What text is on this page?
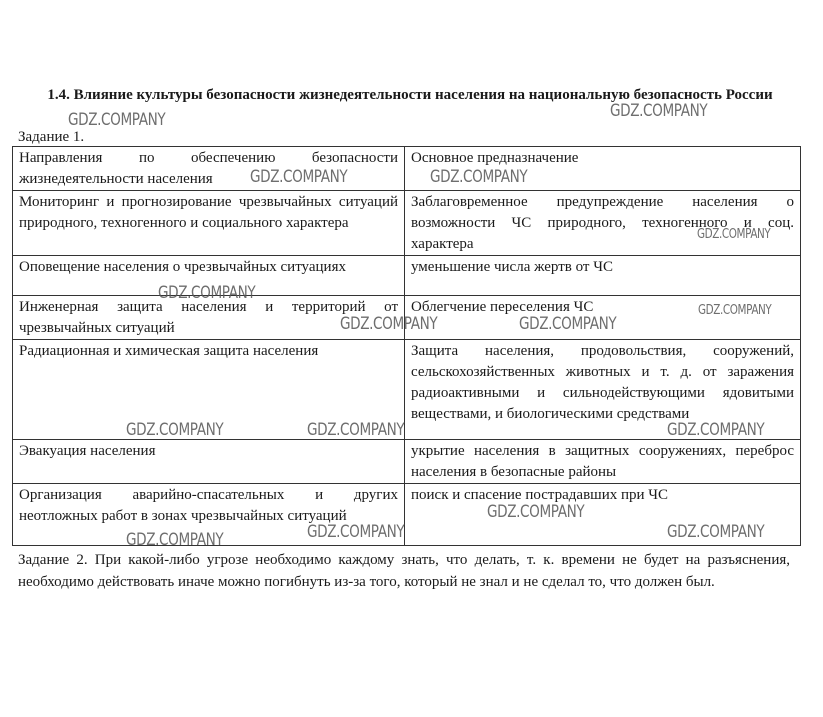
1.4. Влияние культуры безопасности жизнедеятельности населения на национальную безопасность России
Задание 1.
Направления по обеспечению безопасности жизнедеятельности населения	Основное предназначение
Мониторинг и прогнозирование чрезвычайных ситуаций природного, техногенного и социального характера	Заблаговременное предупреждение населения о возможности ЧС природного, техногенного и соц. характера
Оповещение населения о чрезвычайных ситуациях	уменьшение числа жертв от ЧС
Инженерная защита населения и территорий от чрезвычайных ситуаций	Облегчение переселения ЧС
Радиационная и химическая защита населения	Защита населения, продовольствия, сооружений, сельскохозяйственных животных и т. д. от заражения радиоактивными и сильнодействующими ядовитыми веществами, и биологическими средствами
Эвакуация населения	укрытие населения в защитных сооружениях, переброс населения в безопасные районы
Организация аварийно-спасательных и других неотложных работ в зонах чрезвычайных ситуаций	поиск и спасение пострадавших при ЧС

Задание 2. При какой-либо угрозе необходимо каждому знать, что делать, т. к. времени не будет на разъяснения, необходимо действовать иначе можно погибнуть из-за того, который не знал и не сделал то, что должен был.

GDZ.COMPANY	GDZ.COMPANY
GDZ.COMPANY	GDZ.COMPANY
GDZ.COMPANY
GDZ.COMPANY
GDZ.COMPANY
GDZ.COMPANY	GDZ.COMPANY
GDZ.COMPANY	GDZ.COMPANY	GDZ.COMPANY
GDZ.COMPANY
GDZ.COMPANY	GDZ.COMPANY
GDZ.COMPANY
